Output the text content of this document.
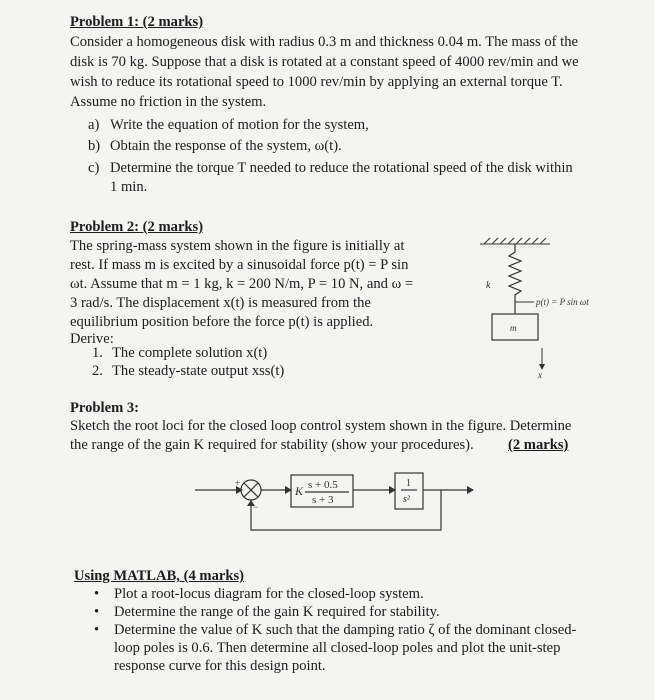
Problem 1: (2 marks)
Consider a homogeneous disk with radius 0.3 m and thickness 0.04 m. The mass of the
disk is 70 kg. Suppose that a disk is rotated at a constant speed of 4000 rev/min and we
wish to reduce its rotational speed to 1000 rev/min by applying an external torque T.
Assume no friction in the system.
a) Write the equation of motion for the system,
b) Obtain the response of the system, ω(t).
c) Determine the torque T needed to reduce the rotational speed of the disk within
1 min.
Problem 2: (2 marks)
The spring-mass system shown in the figure is initially at
rest. If mass m is excited by a sinusoidal force p(t) = P sin
ωt. Assume that m = 1 kg, k = 200 N/m, P = 10 N, and ω =
3 rad/s. The displacement x(t) is measured from the
equilibrium position before the force p(t) is applied.
Derive:
1. The complete solution x(t)
2. The steady-state output xss(t)
k
m
p(t) = P sin ωt
x
Problem 3:
Sketch the root loci for the closed loop control system shown in the figure. Determine
the range of the gain K required for stability (show your procedures). (2 marks)
+
−
K s + 0.5
s + 3
1
s²
Using MATLAB, (4 marks)
• Plot a root-locus diagram for the closed-loop system.
• Determine the range of the gain K required for stability.
• Determine the value of K such that the damping ratio ζ of the dominant closed-
loop poles is 0.6. Then determine all closed-loop poles and plot the unit-step
response curve for this design point.
